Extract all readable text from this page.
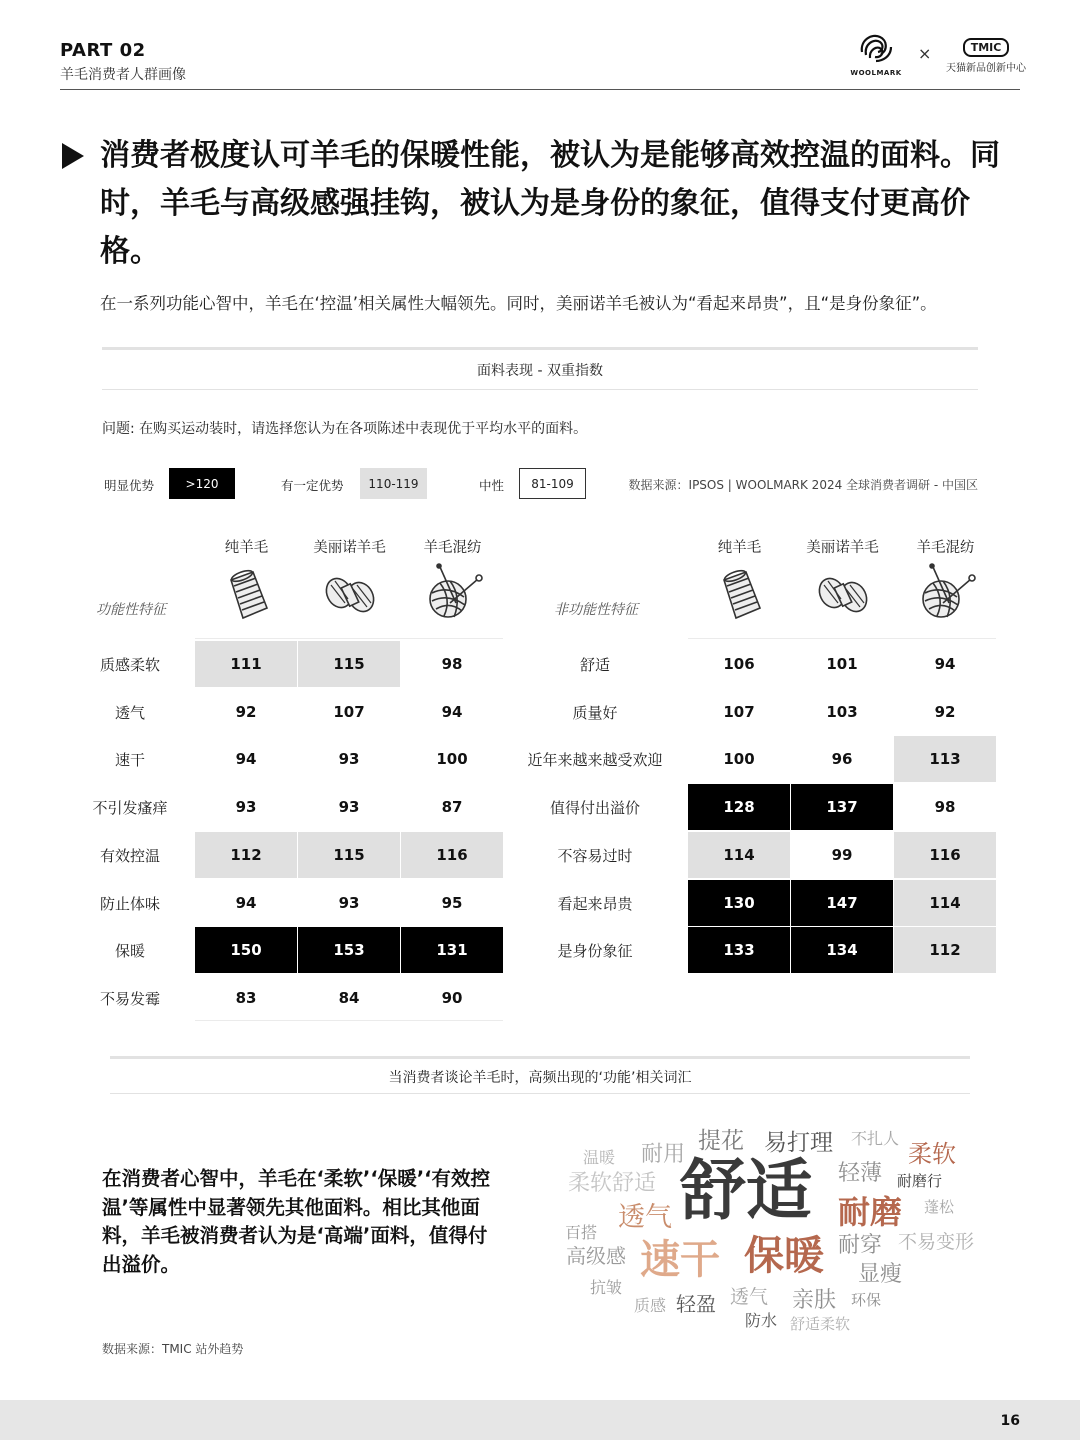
PART 02
羊毛消费者人群画像	WOOLMARK
×	TMIC
天猫新品创新中心
消费者极度认可羊毛的保暖性能，被认为是能够高效控温的面料。同时，羊毛与高级感强挂钩，被认为是身份的象征，值得支付更高价格。
在一系列功能心智中，羊毛在‘控温’相关属性大幅领先。同时，美丽诺羊毛被认为“看起来昂贵”，且“是身份象征”。
面料表现 - 双重指数
问题: 在购买运动装时，请选择您认为在各项陈述中表现优于平均水平的面料。
明显优势	>120	有一定优势	110-119	中性	81-109	数据来源：IPSOS | WOOLMARK 2024 全球消费者调研 - 中国区
纯羊毛	美丽诺羊毛	羊毛混纺	纯羊毛	美丽诺羊毛	羊毛混纺
功能性特征	非功能性特征
质感柔软	111	115	98
透气	92	107	94
速干	94	93	100
不引发瘙痒	93	93	87
有效控温	112	115	116
防止体味	94	93	95
保暖	150	153	131
不易发霉	83	84	90
舒适	106	101	94
质量好	107	103	92
近年来越来越受欢迎	100	96	113
值得付出溢价	128	137	98
不容易过时	114	99	116
看起来昂贵	130	147	114
是身份象征	133	134	112
当消费者谈论羊毛时，高频出现的‘功能’相关词汇
在消费者心智中，羊毛在‘柔软’‘保暖’‘有效控温’等属性中显著领先其他面料。相比其他面料，羊毛被消费者认为是‘高端’面料，值得付出溢价。
数据来源：TMIC 站外趋势
温暖 耐用
提花 易打理 不扎人
柔软
柔软舒适 舒适 轻薄 耐磨行
透气	耐磨 蓬松
百搭
耐穿 不易变形
高级感 速干 保暖 显瘦
抗皱	透气 亲肤
质感 轻盈	环保
防水 舒适柔软
16
